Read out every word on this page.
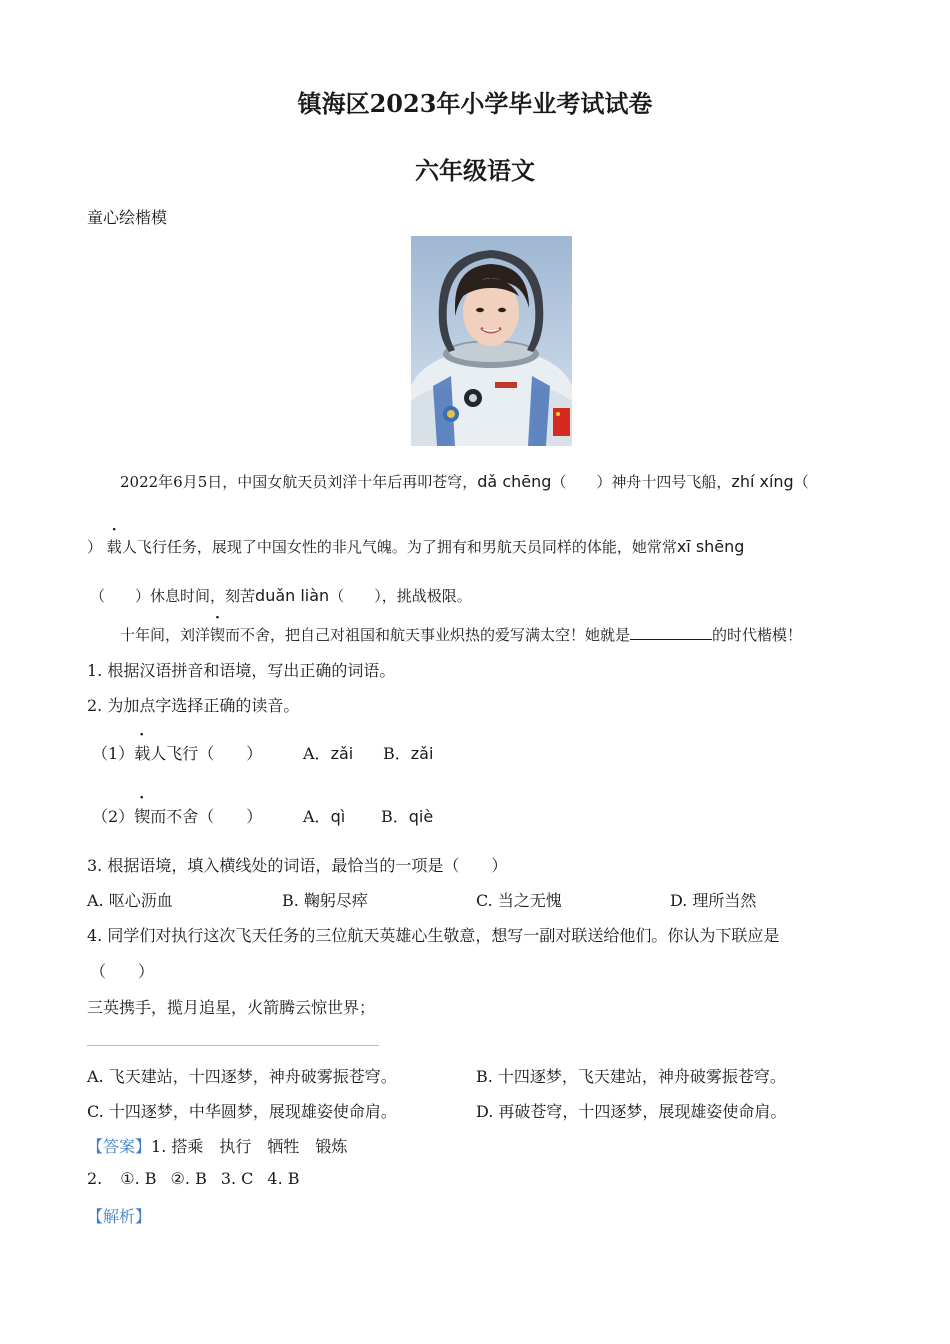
镇海区2023年小学毕业考试试卷
六年级语文
童心绘楷模
2022年6月5日，中国女航天员刘洋十年后再叩苍穹，dǎ chēng（　　）神舟十四号飞船，zhí xíng（
）
·
载人飞行任务，展现了中国女性的非凡气魄。为了拥有和男航天员同样的体能，她常常xī shēng
（　　）休息时间，刻苦duǎn liàn（　　），挑战极限。
十年间，刘洋
·
锲而不舍，把自己对祖国和航天事业炽热的爱写满太空！她就是	的时代楷模！
1. 根据汉语拼音和语境，写出正确的词语。
2. 为加点字选择正确的读音。
（1）
·
载人飞行（　　）	A．zǎi B．zǎi
（2）
·
锲而不舍（　　）	A．qì B．qiè
3. 根据语境，填入横线处的词语，最恰当的一项是（　　）
A. 呕心沥血	B. 鞠躬尽瘁	C. 当之无愧	D. 理所当然
4. 同学们对执行这次飞天任务的三位航天英雄心生敬意，想写一副对联送给他们。你认为下联应是
（　　）
三英携手，揽月追星，火箭腾云惊世界；
A. 飞天建站，十四逐梦，神舟破雾振苍穹。	B. 十四逐梦，飞天建站，神舟破雾振苍穹。
C. 十四逐梦，中华圆梦，展现雄姿使命肩。	D. 再破苍穹，十四逐梦，展现雄姿使命肩。
【答案】1. 搭乘　执行　牺牲　锻炼
2. ①. B ②. B 3. C 4. B
【解析】
